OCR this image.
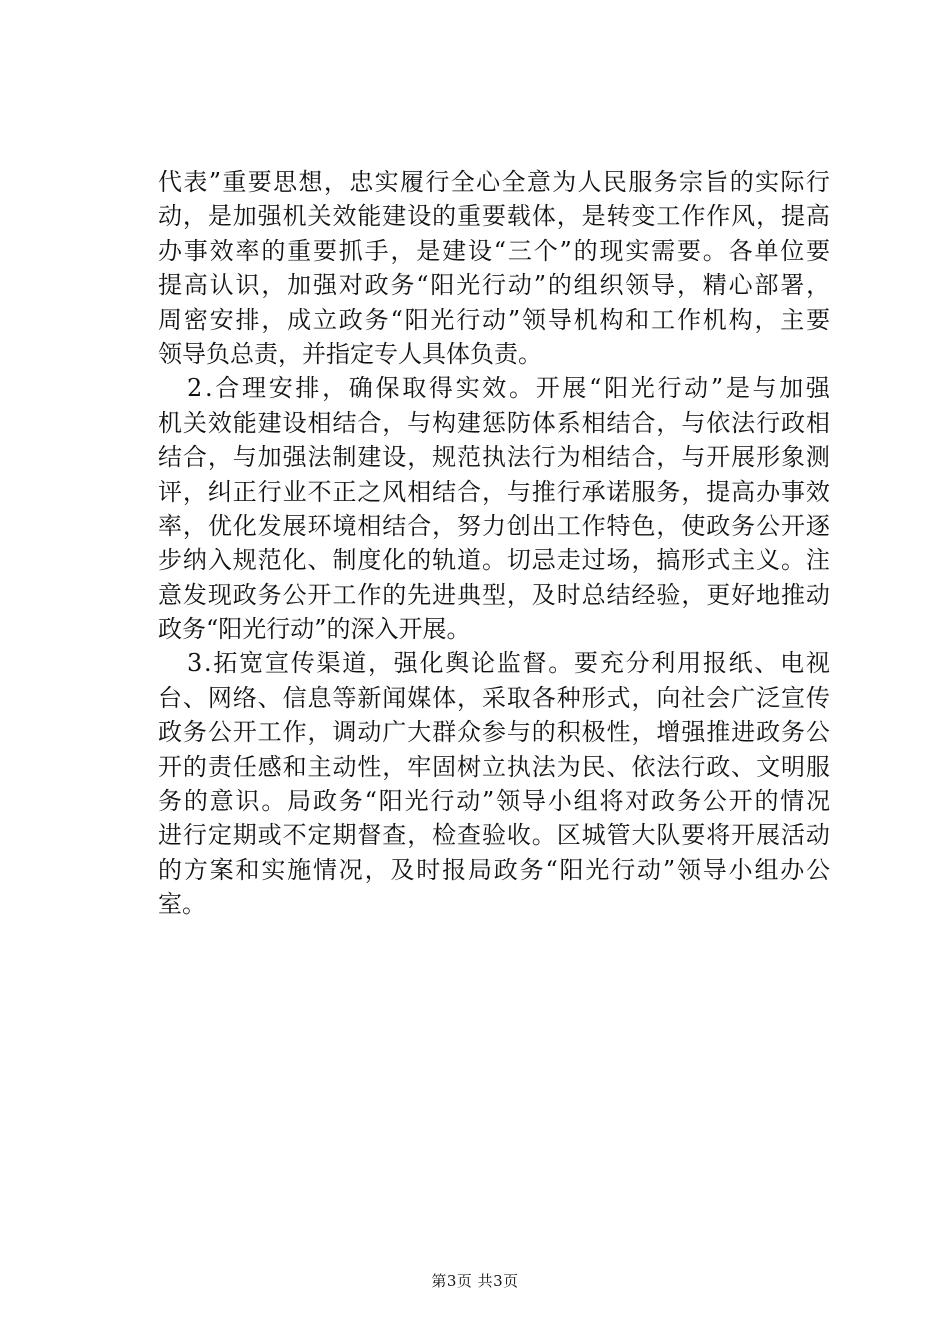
代表”重要思想，忠实履行全心全意为人民服务宗旨的实际行
动，是加强机关效能建设的重要载体，是转变工作作风，提高
办事效率的重要抓手，是建设“三个”的现实需要。各单位要
提高认识，加强对政务“阳光行动”的组织领导，精心部署，
周密安排，成立政务“阳光行动”领导机构和工作机构，主要
领导负总责，并指定专人具体负责。
2.合理安排，确保取得实效。开展“阳光行动”是与加强
机关效能建设相结合，与构建惩防体系相结合，与依法行政相
结合，与加强法制建设，规范执法行为相结合，与开展形象测
评，纠正行业不正之风相结合，与推行承诺服务，提高办事效
率，优化发展环境相结合，努力创出工作特色，使政务公开逐
步纳入规范化、制度化的轨道。切忌走过场，搞形式主义。注
意发现政务公开工作的先进典型，及时总结经验，更好地推动
政务“阳光行动”的深入开展。
3.拓宽宣传渠道，强化舆论监督。要充分利用报纸、电视
台、网络、信息等新闻媒体，采取各种形式，向社会广泛宣传
政务公开工作，调动广大群众参与的积极性，增强推进政务公
开的责任感和主动性，牢固树立执法为民、依法行政、文明服
务的意识。局政务“阳光行动”领导小组将对政务公开的情况
进行定期或不定期督查，检查验收。区城管大队要将开展活动
的方案和实施情况，及时报局政务“阳光行动”领导小组办公
室。
第3页 共3页
